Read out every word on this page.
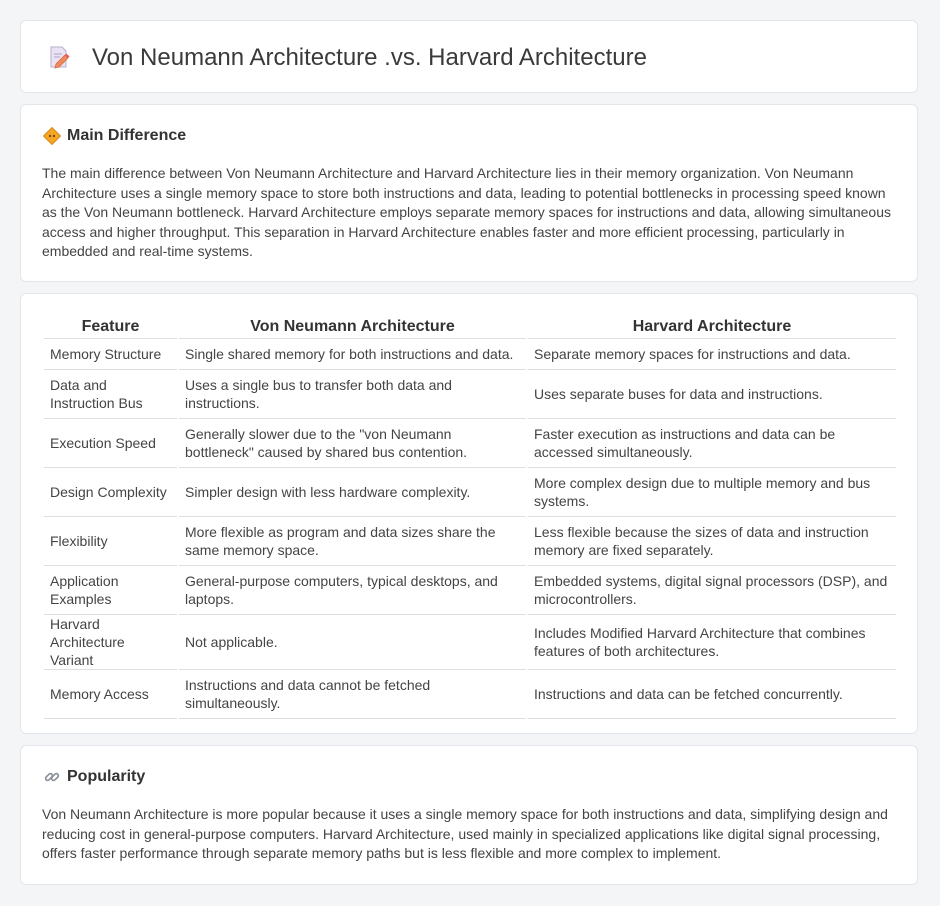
Von Neumann Architecture .vs. Harvard Architecture
Main Difference

The main difference between Von Neumann Architecture and Harvard Architecture lies in their memory organization. Von Neumann Architecture uses a single memory space to store both instructions and data, leading to potential bottlenecks in processing speed known as the Von Neumann bottleneck. Harvard Architecture employs separate memory spaces for instructions and data, allowing simultaneous access and higher throughput. This separation in Harvard Architecture enables faster and more efficient processing, particularly in embedded and real-time systems.

Feature	Von Neumann Architecture	Harvard Architecture
Memory Structure	Single shared memory for both instructions and data.	Separate memory spaces for instructions and data.
Data and Instruction Bus	Uses a single bus to transfer both data and instructions.	Uses separate buses for data and instructions.
Execution Speed	Generally slower due to the "von Neumann bottleneck" caused by shared bus contention.	Faster execution as instructions and data can be accessed simultaneously.
Design Complexity	Simpler design with less hardware complexity.	More complex design due to multiple memory and bus systems.
Flexibility	More flexible as program and data sizes share the same memory space.	Less flexible because the sizes of data and instruction memory are fixed separately.
Application Examples	General-purpose computers, typical desktops, and laptops.	Embedded systems, digital signal processors (DSP), and microcontrollers.
Harvard Architecture Variant	Not applicable.	Includes Modified Harvard Architecture that combines features of both architectures.
Memory Access	Instructions and data cannot be fetched simultaneously.	Instructions and data can be fetched concurrently.
Popularity

Von Neumann Architecture is more popular because it uses a single memory space for both instructions and data, simplifying design and reducing cost in general-purpose computers. Harvard Architecture, used mainly in specialized applications like digital signal processing, offers faster performance through separate memory paths but is less flexible and more complex to implement.
